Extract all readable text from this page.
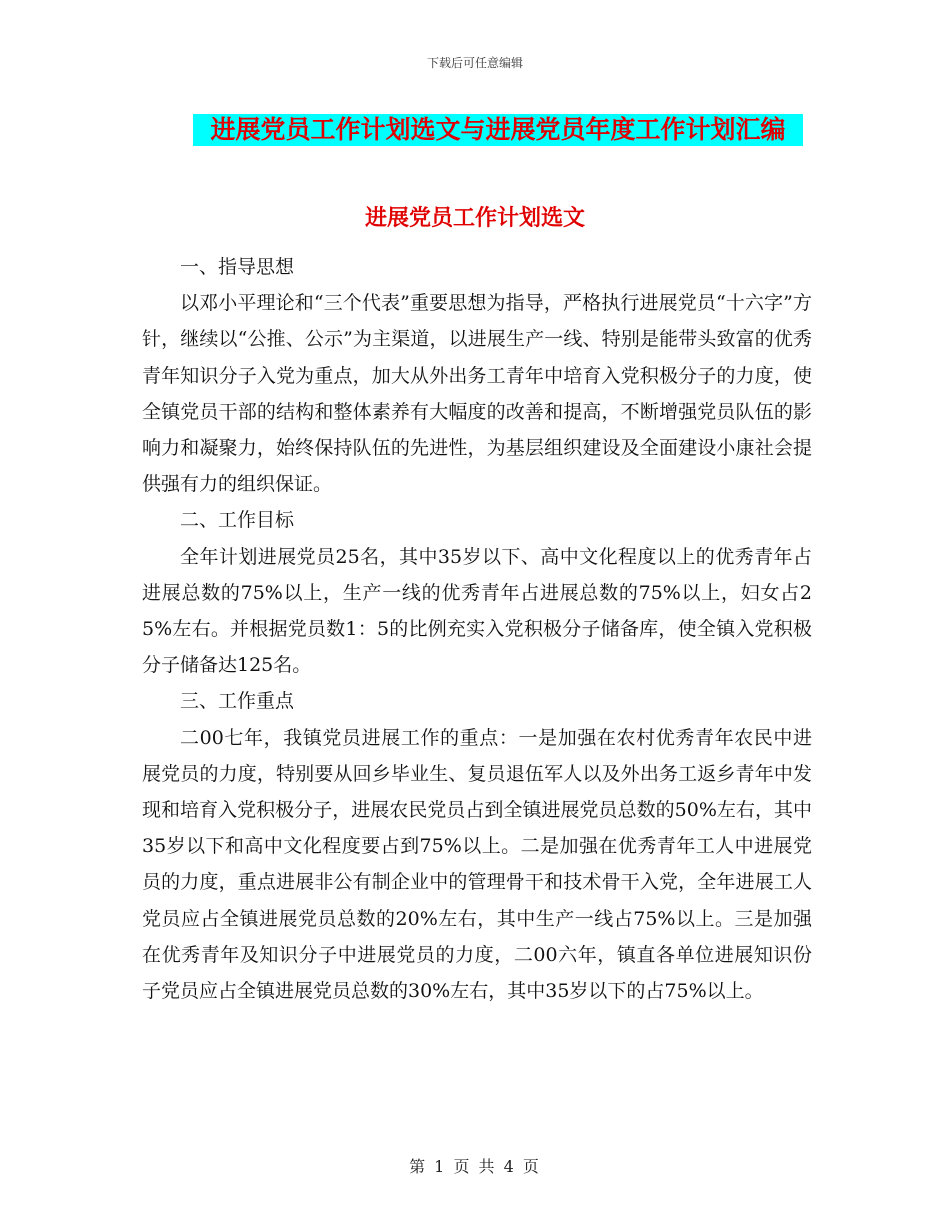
下载后可任意编辑
进展党员工作计划选文与进展党员年度工作计划汇编
进展党员工作计划选文

一、指导思想

以邓小平理论和“三个代表”重要思想为指导，严格执行进展党员“十六字”方针，继续以“公推、公示”为主渠道，以进展生产一线、特别是能带头致富的优秀青年知识分子入党为重点，加大从外出务工青年中培育入党积极分子的力度，使全镇党员干部的结构和整体素养有大幅度的改善和提高，不断增强党员队伍的影响力和凝聚力，始终保持队伍的先进性，为基层组织建设及全面建设小康社会提供强有力的组织保证。

二、工作目标

全年计划进展党员25名，其中35岁以下、高中文化程度以上的优秀青年占进展总数的75%以上，生产一线的优秀青年占进展总数的75%以上，妇女占25%左右。并根据党员数1：5的比例充实入党积极分子储备库，使全镇入党积极分子储备达125名。

三、工作重点

二00七年，我镇党员进展工作的重点：一是加强在农村优秀青年农民中进展党员的力度，特别要从回乡毕业生、复员退伍军人以及外出务工返乡青年中发现和培育入党积极分子，进展农民党员占到全镇进展党员总数的50%左右，其中35岁以下和高中文化程度要占到75%以上。二是加强在优秀青年工人中进展党员的力度，重点进展非公有制企业中的管理骨干和技术骨干入党，全年进展工人党员应占全镇进展党员总数的20%左右，其中生产一线占75%以上。三是加强在优秀青年及知识分子中进展党员的力度，二00六年，镇直各单位进展知识份子党员应占全镇进展党员总数的30%左右，其中35岁以下的占75%以上。

第 1 页 共 4 页
